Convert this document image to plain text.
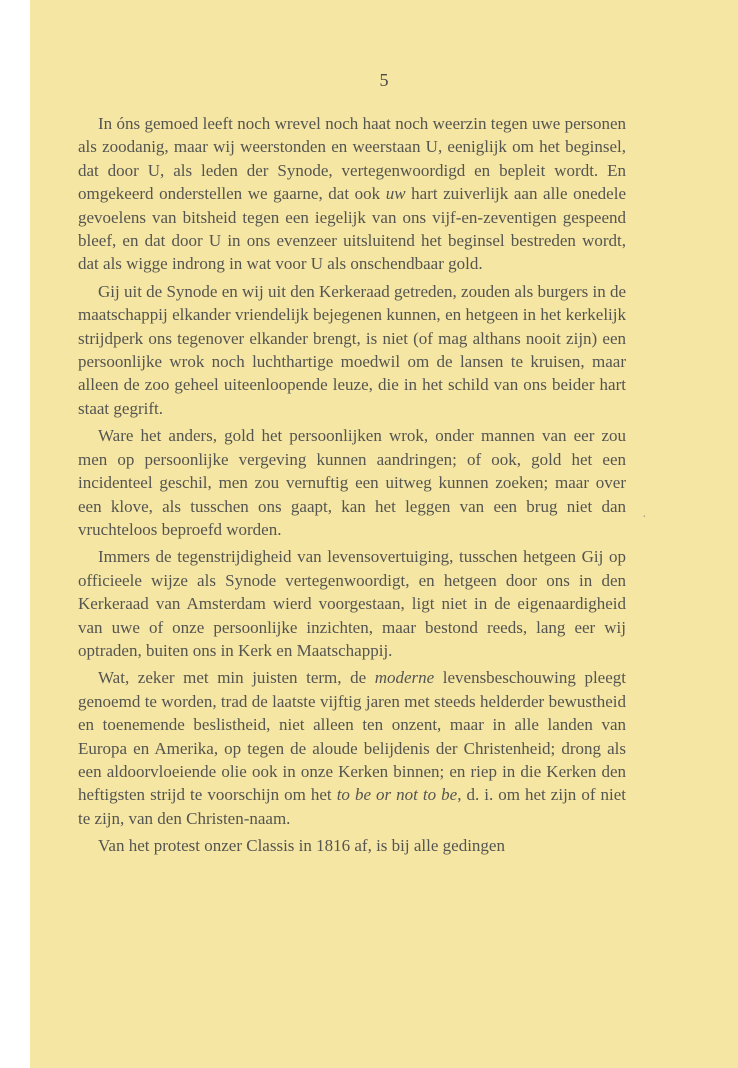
5

In óns gemoed leeft noch wrevel noch haat noch weerzin tegen uwe personen als zoodanig, maar wij weerstonden en weerstaan U, eeniglijk om het beginsel, dat door U, als leden der Synode, vertegenwoordigd en bepleit wordt. En omgekeerd onderstellen we gaarne, dat ook uw hart zuiverlijk aan alle onedele gevoelens van bitsheid tegen een iegelijk van ons vijf-en-zeventigen gespeend bleef, en dat door U in ons evenzeer uitsluitend het beginsel bestreden wordt, dat als wigge indrong in wat voor U als onschendbaar gold.

Gij uit de Synode en wij uit den Kerkeraad getreden, zouden als burgers in de maatschappij elkander vriendelijk bejegenen kunnen, en hetgeen in het kerkelijk strijdperk ons tegenover elkander brengt, is niet (of mag althans nooit zijn) een persoonlijke wrok noch luchthartige moedwil om de lansen te kruisen, maar alleen de zoo geheel uiteenloopende leuze, die in het schild van ons beider hart staat gegrift.

Ware het anders, gold het persoonlijken wrok, onder mannen van eer zou men op persoonlijke vergeving kunnen aandringen; of ook, gold het een incidenteel geschil, men zou vernuftig een uitweg kunnen zoeken; maar over een klove, als tusschen ons gaapt, kan het leggen van een brug niet dan vruchteloos beproefd worden.

Immers de tegenstrijdigheid van levensovertuiging, tusschen hetgeen Gij op officieele wijze als Synode vertegenwoordigt, en hetgeen door ons in den Kerkeraad van Amsterdam wierd voorgestaan, ligt niet in de eigenaardigheid van uwe of onze persoonlijke inzichten, maar bestond reeds, lang eer wij optraden, buiten ons in Kerk en Maatschappij.

Wat, zeker met min juisten term, de moderne levensbeschouwing pleegt genoemd te worden, trad de laatste vijftig jaren met steeds helderder bewustheid en toenemende beslistheid, niet alleen ten onzent, maar in alle landen van Europa en Amerika, op tegen de aloude belijdenis der Christenheid; drong als een aldoorvloeiende olie ook in onze Kerken binnen; en riep in die Kerken den heftigsten strijd te voorschijn om het to be or not to be, d. i. om het zijn of niet te zijn, van den Christen-naam.

Van het protest onzer Classis in 1816 af, is bij alle gedingen

·
